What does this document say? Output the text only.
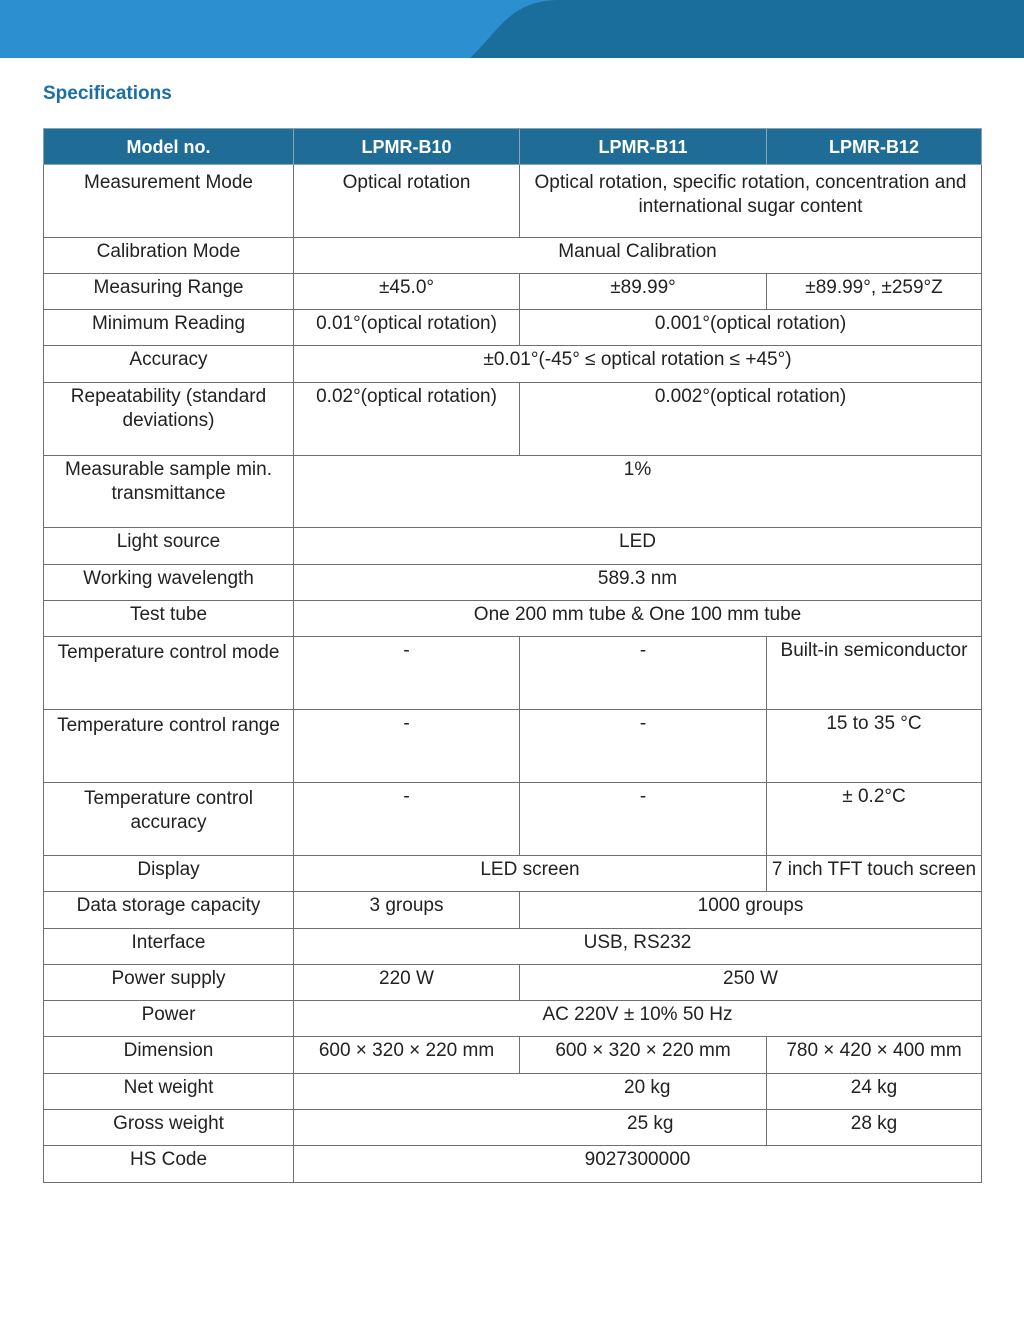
Specifications
Model no.	LPMR-B10	LPMR-B11	LPMR-B12
Measurement Mode	Optical rotation	Optical rotation, specific rotation, concentration and international sugar content	
Calibration Mode	Manual Calibration		
Measuring Range	±45.0°	±89.99°	±89.99°, ±259°Z
Minimum Reading	0.01°(optical rotation)	0.001°(optical rotation)	
Accuracy	±0.01°(-45° ≤ optical rotation ≤ +45°)		
Repeatability (standard deviations)	0.02°(optical rotation)	0.002°(optical rotation)	
Measurable sample min. transmittance	1%		
Light source	LED		
Working wavelength	589.3 nm		
Test tube	One 200 mm tube & One 100 mm tube		
Temperature control mode	-	-	Built-in semiconductor
Temperature control range	-	-	15 to 35 °C
Temperature control accuracy	-	-	± 0.2°C
Display	LED screen		7 inch TFT touch screen
Data storage capacity	3 groups	1000 groups	
Interface	USB, RS232		
Power supply	220 W	250 W	
Power	AC 220V ± 10% 50 Hz		
Dimension	600 × 320 × 220 mm	600 × 320 × 220 mm	780 × 420 × 400 mm
Net weight	20 kg		24 kg
Gross weight	25 kg		28 kg
HS Code	9027300000		
